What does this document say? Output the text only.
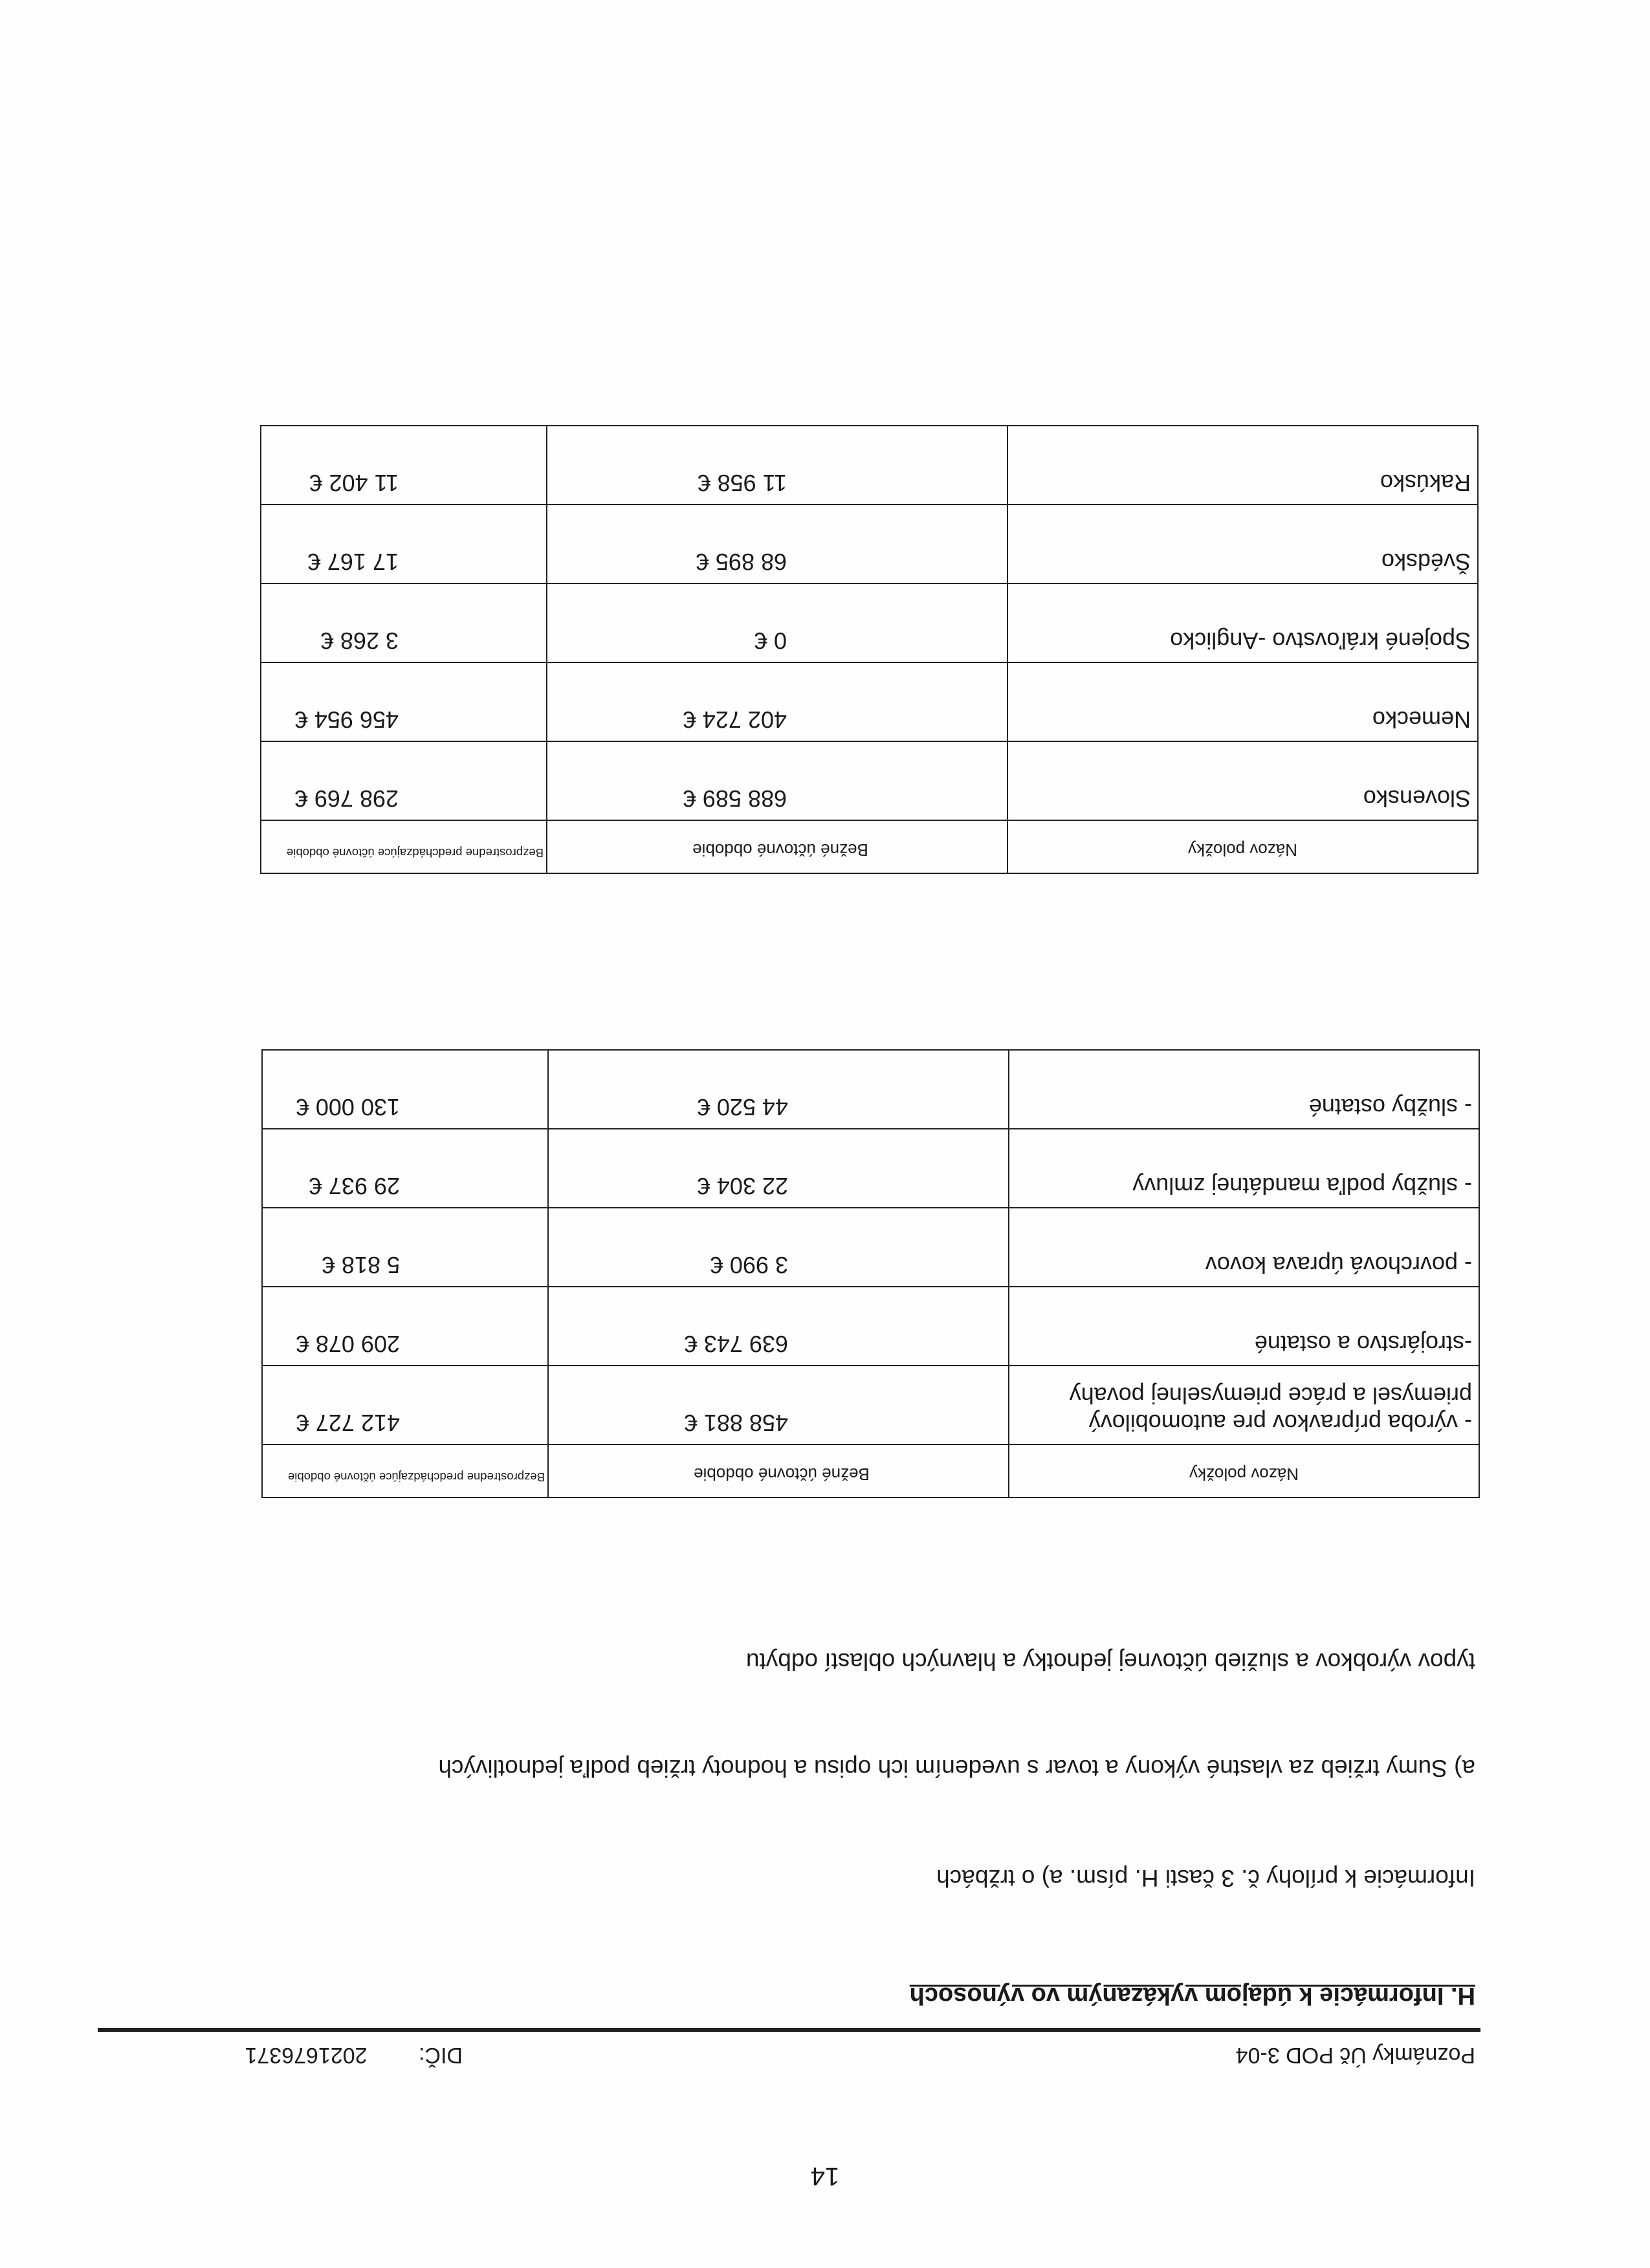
14
Poznámky Úč POD 3-04
DIČ: 2021676371
H. Informácie k údajom vykázaným vo výnosoch
Informácie k prílohy č. 3 časti H. písm. a) o tržbách
a) Sumy tržieb za vlastné výkony a tovar s uvedením ich opisu a hodnoty tržieb podľa jednotlivých
typov výrobkov a služieb účtovnej jednotky a hlavných oblastí odbytu
Názov položky	Bežné účtovné obdobie	Bezprostredne predchádzajúce účtovné obdobie
- výroba prípravkov pre automobilový priemysel a práce priemyselnej povahy	458 881 €	412 727 €
-strojárstvo a ostatné	639 743 €	209 078 €
- povrchová úprava kovov	3 990 €	5 818 €
- služby podľa mandátnej zmluvy	22 304 €	29 937 €
- služby ostatné	44 520 €	130 000 €
Názov položky	Bežné účtovné obdobie	Bezprostredne predchádzajúce účtovné obdobie
Slovensko	688 589 €	298 769 €
Nemecko	402 724 €	456 954 €
Spojené kráľovstvo -Anglicko	0 €	3 268 €
Švédsko	68 895 €	17 167 €
Rakúsko	11 958 €	11 402 €
